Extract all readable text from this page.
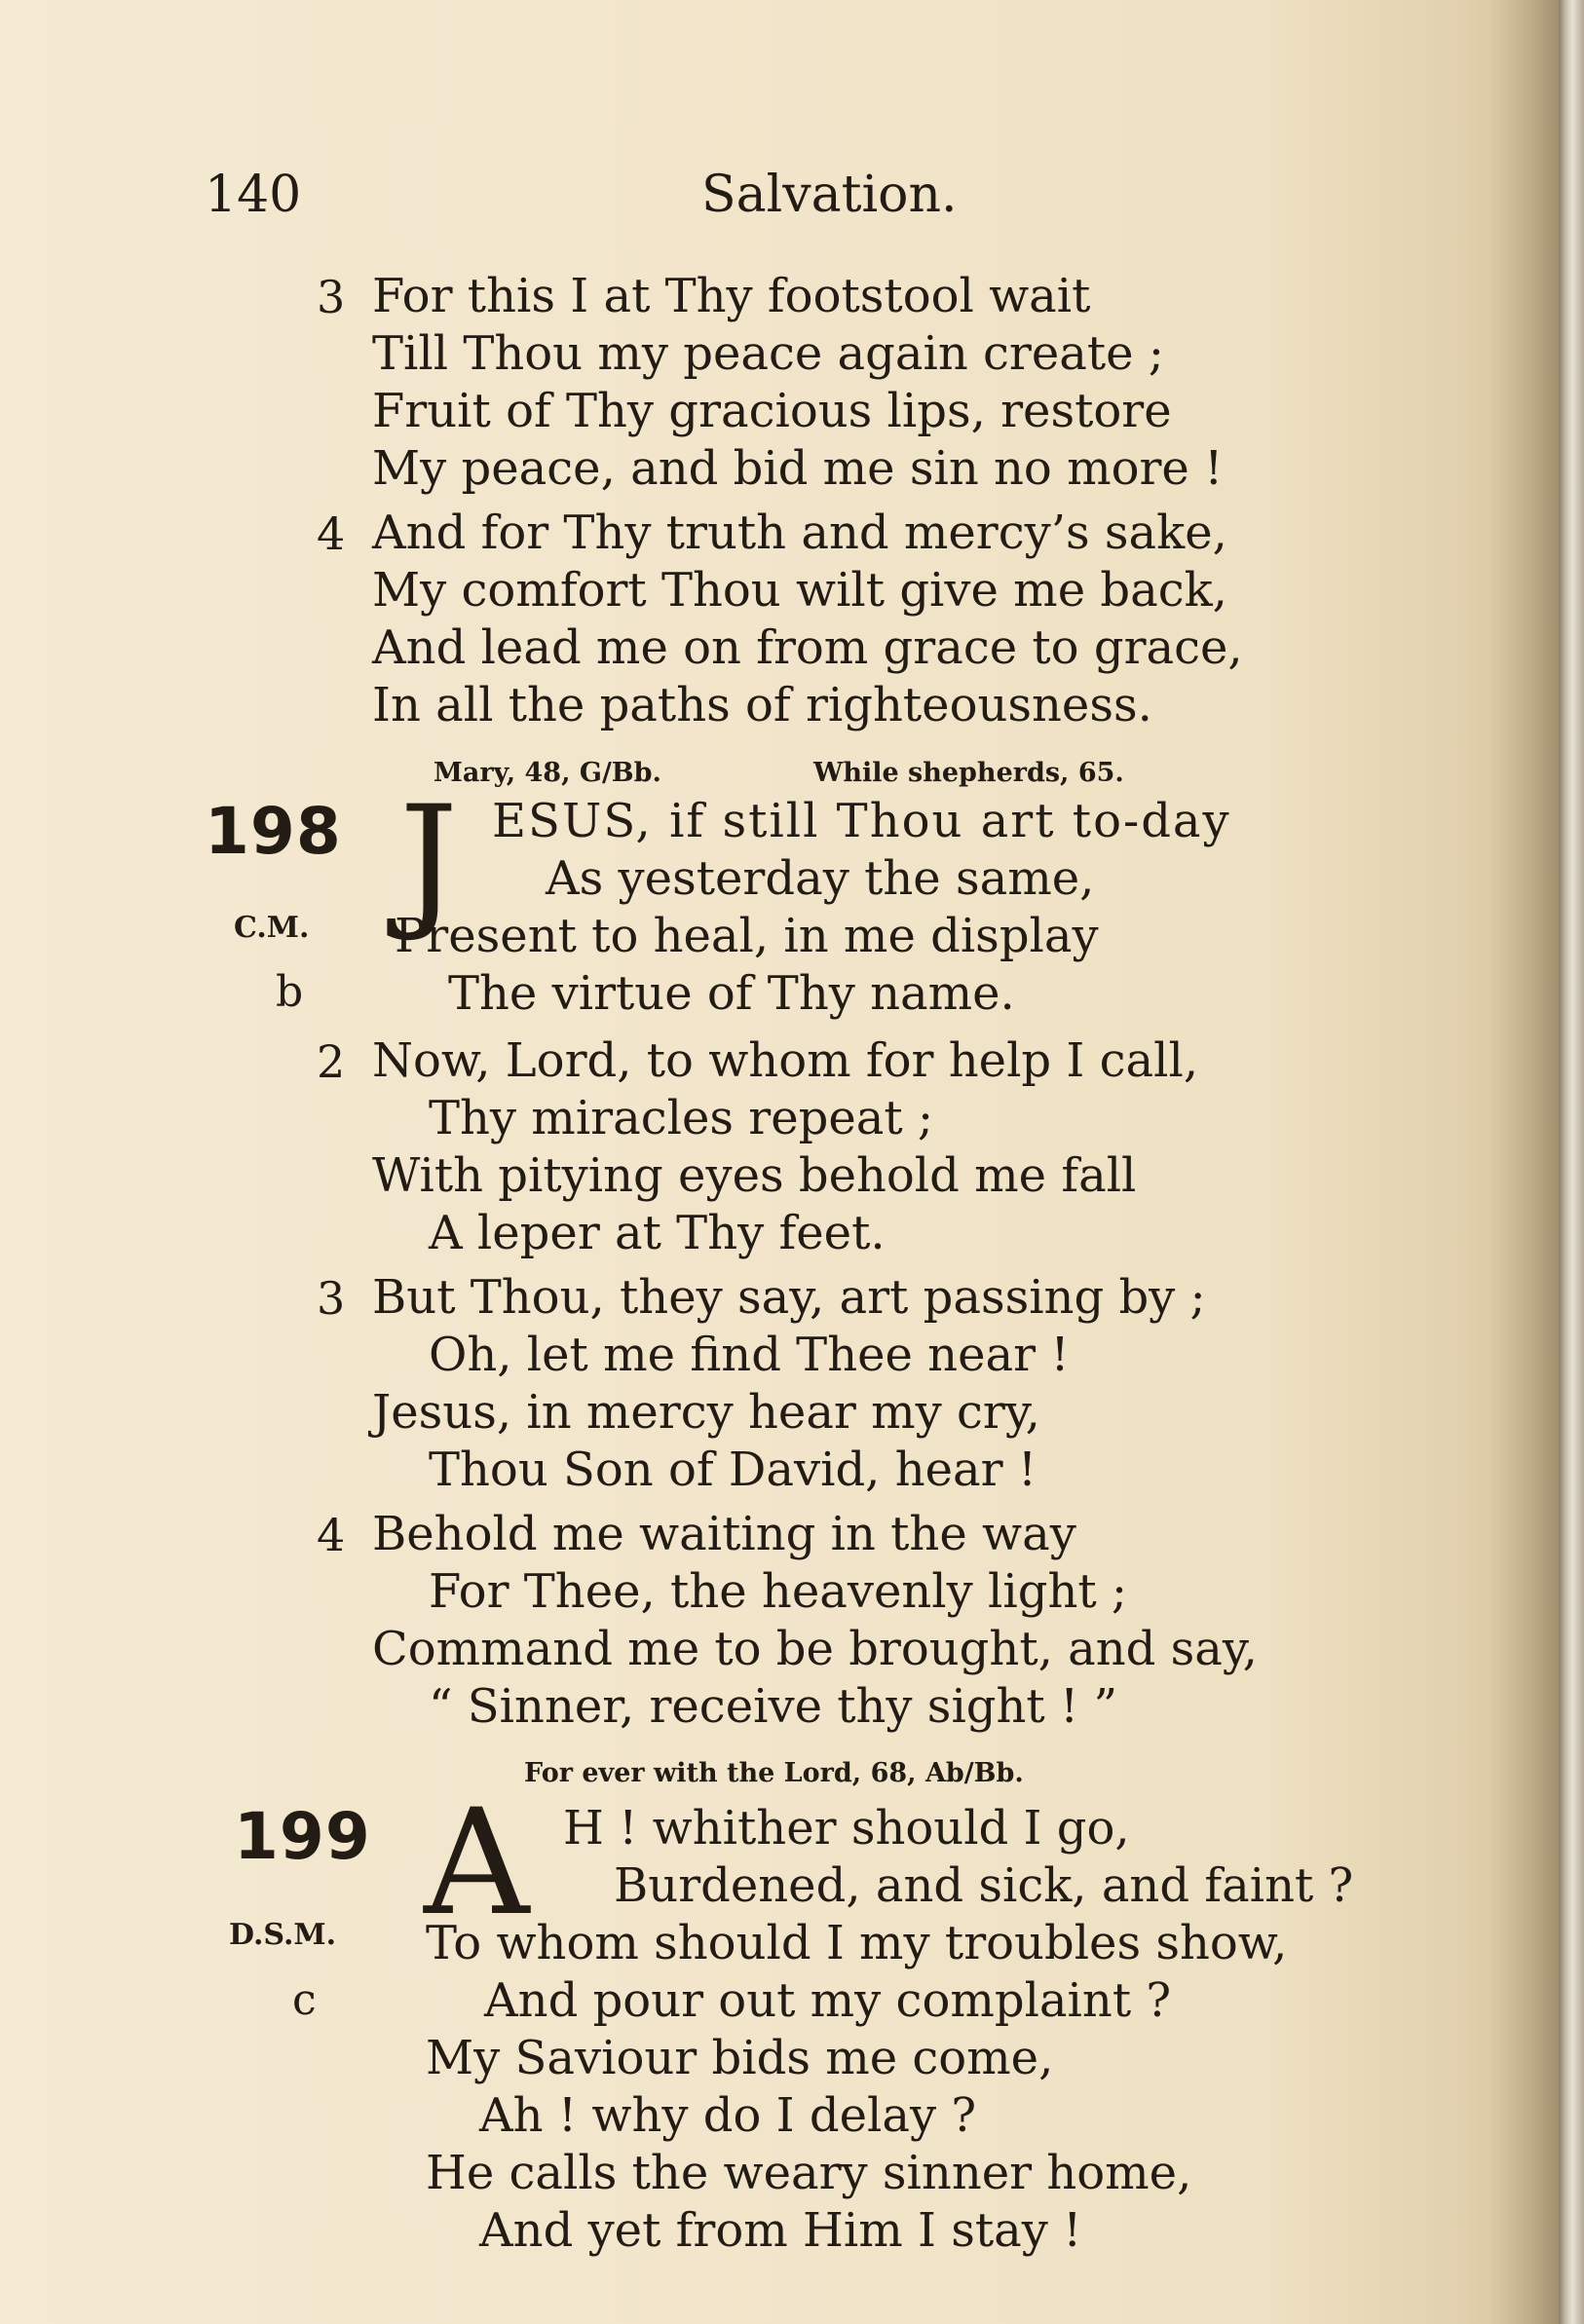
140	Salvation.
3 For this I at Thy footstool wait
Till Thou my peace again create ;
Fruit of Thy gracious lips, restore
My peace, and bid me sin no more !
4 And for Thy truth and mercy’s sake,
My comfort Thou wilt give me back,
And lead me on from grace to grace,
In all the paths of righteousness.
Mary, 48, G/Bb.	While shepherds, 65.
198 J ESUS, if still Thou art to-day
As yesterday the same,
C.M. Present to heal, in me display
b	The virtue of Thy name.
2 Now, Lord, to whom for help I call,
Thy miracles repeat ;
With pitying eyes behold me fall
A leper at Thy feet.
3 But Thou, they say, art passing by ;
Oh, let me find Thee near !
Jesus, in mercy hear my cry,
Thou Son of David, hear !
4 Behold me waiting in the way
For Thee, the heavenly light ;
Command me to be brought, and say,
“ Sinner, receive thy sight ! ”
For ever with the Lord, 68, Ab/Bb.
199 A H ! whither should I go,
Burdened, and sick, and faint ?
D.S.M. To whom should I my troubles show,
c	And pour out my complaint ?
My Saviour bids me come,
Ah ! why do I delay ?
He calls the weary sinner home,
And yet from Him I stay !
